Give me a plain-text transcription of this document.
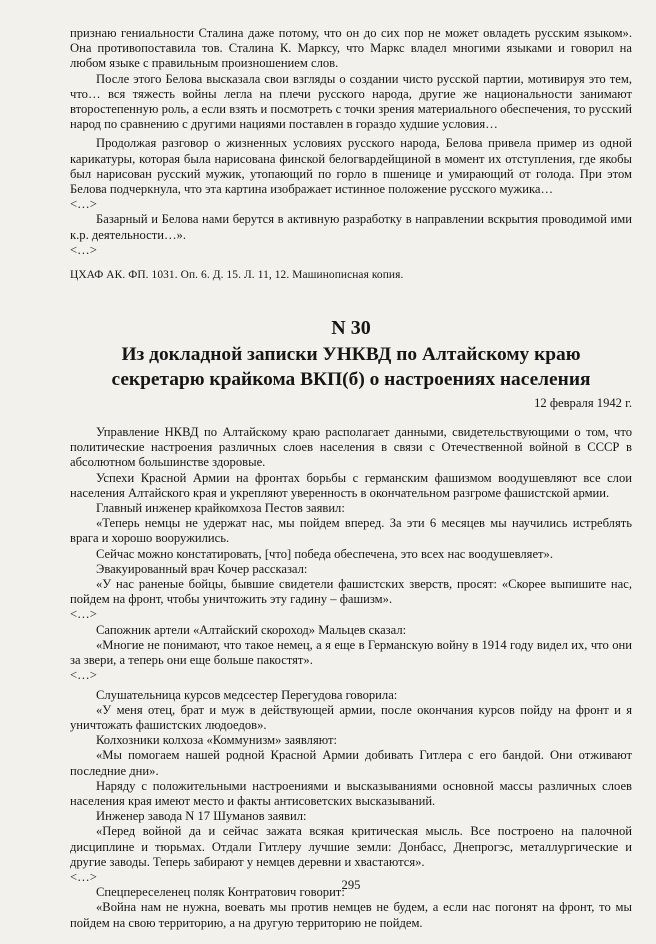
признаю гениальности Сталина даже потому, что он до сих пор не может овладеть русским языком». Она противопоставила тов. Сталина К. Марксу, что Маркс владел многими языками и говорил на любом языке с правильным произношением слов.

После этого Белова высказала свои взгляды о создании чисто русской партии, мотивируя это тем, что… вся тяжесть войны легла на плечи русского народа, другие же национальности занимают второстепенную роль, а если взять и посмотреть с точки зрения материального обеспечения, то русский народ по сравнению с другими нациями поставлен в гораздо худшие условия…

Продолжая разговор о жизненных условиях русского народа, Белова привела пример из одной карикатуры, которая была нарисована финской белогвардейщиной в момент их отступления, где якобы был нарисован русский мужик, утопающий по горло в пшенице и умирающий от голода. При этом Белова подчеркнула, что эта картина изображает истинное положение русского мужика…

<…>

Базарный и Белова нами берутся в активную разработку в направлении вскрытия проводимой ими к.р. деятельности…».

<…>

ЦХАФ АК. ФП. 1031. Оп. 6. Д. 15. Л. 11, 12. Машинописная копия.

N 30
Из докладной записки УНКВД по Алтайскому краю
секретарю крайкома ВКП(б) о настроениях населения

12 февраля 1942 г.

Управление НКВД по Алтайскому краю располагает данными, свидетельствующими о том, что политические настроения различных слоев населения в связи с Отечественной войной в СССР в абсолютном большинстве здоровые.

Успехи Красной Армии на фронтах борьбы с германским фашизмом воодушевляют все слои населения Алтайского края и укрепляют уверенность в окончательном разгроме фашистской армии.

Главный инженер крайкомхоза Пестов заявил:

«Теперь немцы не удержат нас, мы пойдем вперед. За эти 6 месяцев мы научились истреблять врага и хорошо вооружились.

Сейчас можно констатировать, [что] победа обеспечена, это всех нас воодушевляет».

Эвакуированный врач Кочер рассказал:

«У нас раненые бойцы, бывшие свидетели фашистских зверств, просят: «Скорее выпишите нас, пойдем на фронт, чтобы уничтожить эту гадину – фашизм».

<…>

Сапожник артели «Алтайский скороход» Мальцев сказал:

«Многие не понимают, что такое немец, а я еще в Германскую войну в 1914 году видел их, что они за звери, а теперь они еще больше пакостят».

<…>

Слушательница курсов медсестер Перегудова говорила:

«У меня отец, брат и муж в действующей армии, после окончания курсов пойду на фронт и я уничтожать фашистских людоедов».

Колхозники колхоза «Коммунизм» заявляют:

«Мы помогаем нашей родной Красной Армии добивать Гитлера с его бандой. Они отживают последние дни».

Наряду с положительными настроениями и высказываниями основной массы различных слоев населения края имеют место и факты антисоветских высказываний.

Инженер завода N 17 Шуманов заявил:

«Перед войной да и сейчас зажата всякая критическая мысль. Все построено на палочной дисциплине и тюрьмах. Отдали Гитлеру лучшие земли: Донбасс, Днепрогэс, металлургические и другие заводы. Теперь забирают у немцев деревни и хвастаются».

<…>

Спецпереселенец поляк Контратович говорит:

«Война нам не нужна, воевать мы против немцев не будем, а если нас погонят на фронт, то мы пойдем на свою территорию, а на другую территорию не пойдем.

295
